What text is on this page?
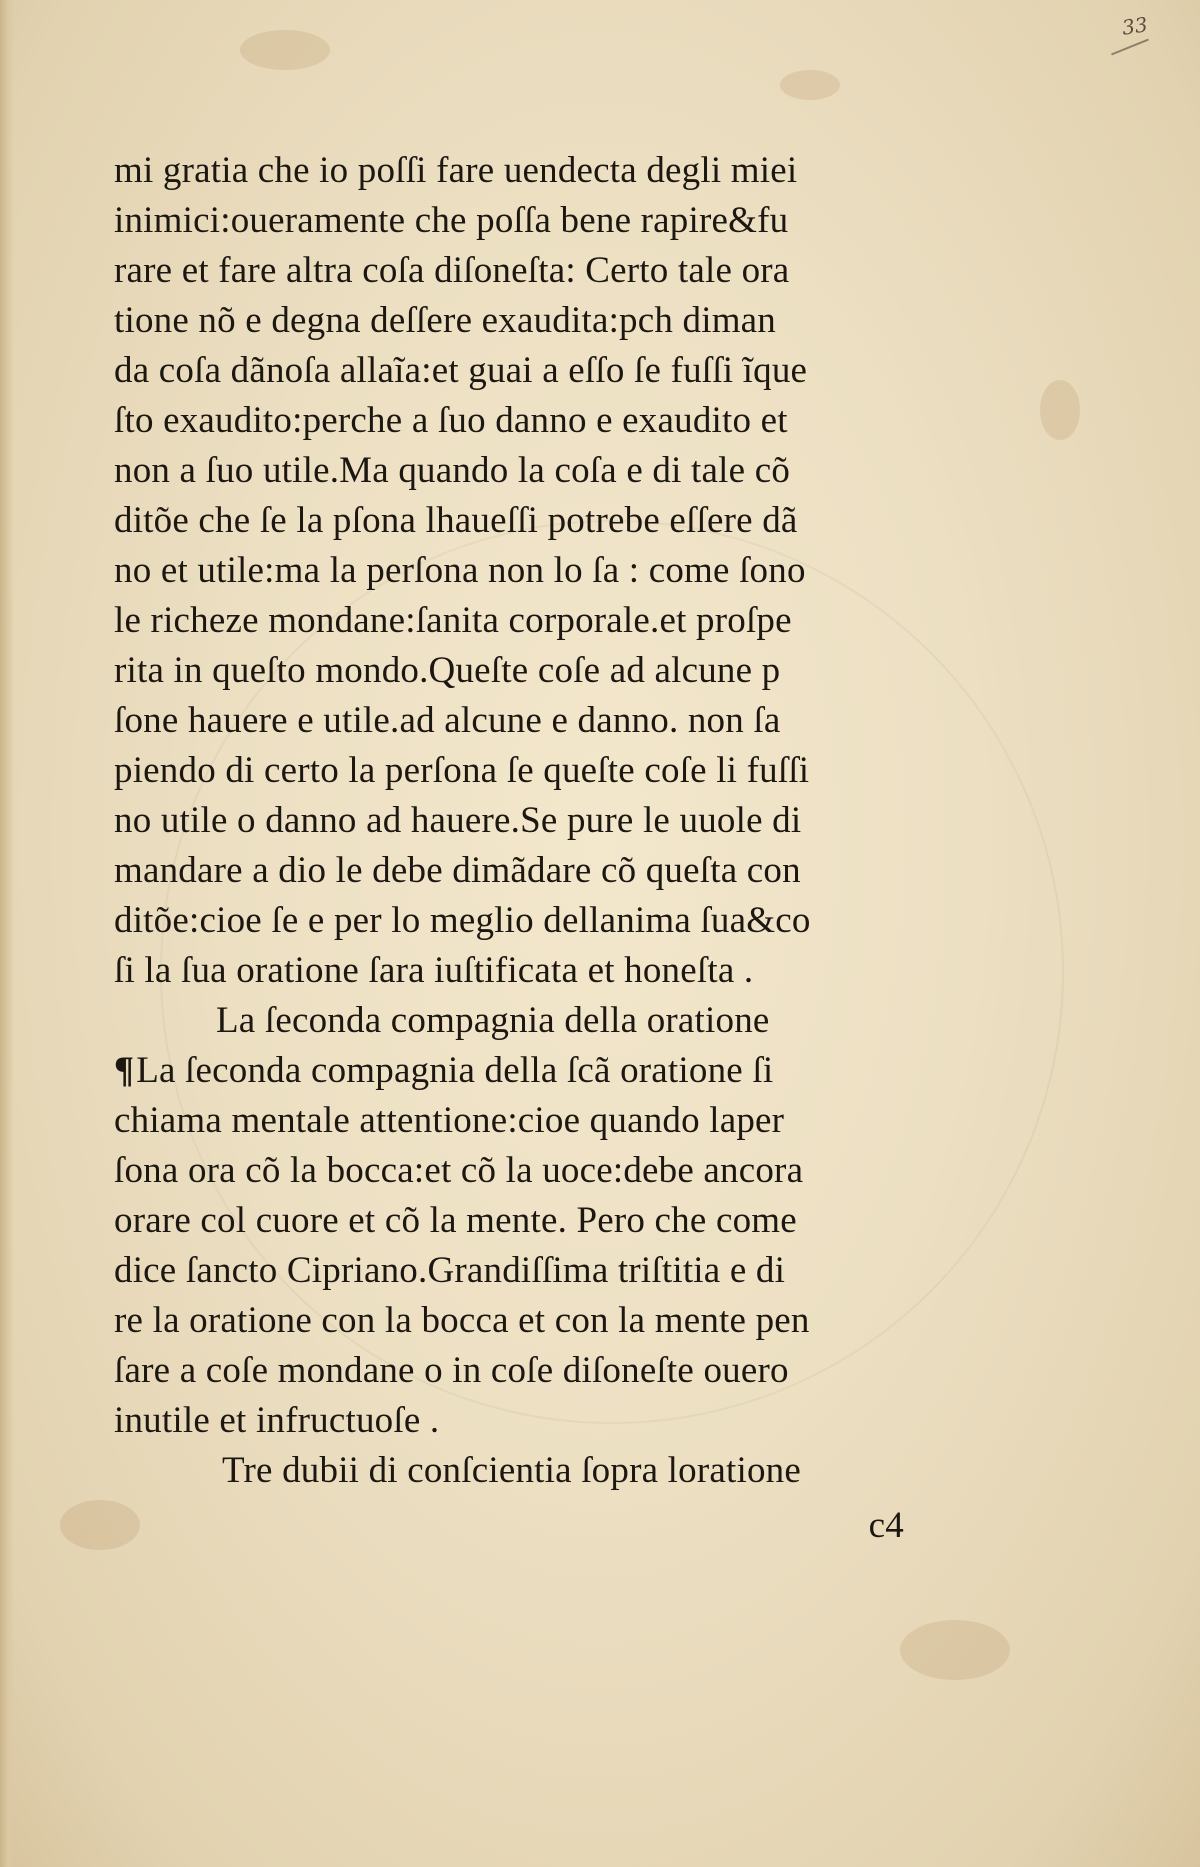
33
mi gratia che io poſſi fare uendecta degli miei
inimici:oueramente che poſſa bene rapire&fu
rare et fare altra coſa diſoneſta: Certo tale ora
tione nõ e degna deſſere exaudita:pch diman
da coſa dãnoſa allaĩa:et guai a eſſo ſe fuſſi ĩque
ſto exaudito:perche a ſuo danno e exaudito et
non a ſuo utile.Ma quando la coſa e di tale cõ
ditõe che ſe la pſona lhaueſſi potrebe eſſere dã
no et utile:ma la perſona non lo ſa : come ſono
le richeze mondane:ſanita corporale.et proſpe
rita in queſto mondo.Queſte coſe ad alcune p
ſone hauere e utile.ad alcune e danno. non ſa
piendo di certo la perſona ſe queſte coſe li fuſſi
no utile o danno ad hauere.Se pure le uuole di
mandare a dio le debe dimãdare cõ queſta con
ditõe:cioe ſe e per lo meglio dellanima ſua&co
ſi la ſua oratione ſara iuſtificata et honeſta .
La ſeconda compagnia della oratione
¶La ſeconda compagnia della ſcã oratione ſi
chiama mentale attentione:cioe quando laper
ſona ora cõ la bocca:et cõ la uoce:debe ancora
orare col cuore et cõ la mente. Pero che come
dice ſancto Cipriano.Grandiſſima triſtitia e di
re la oratione con la bocca et con la mente pen
ſare a coſe mondane o in coſe diſoneſte ouero
inutile et infructuoſe .
Tre dubii di conſcientia ſopra loratione
c4
